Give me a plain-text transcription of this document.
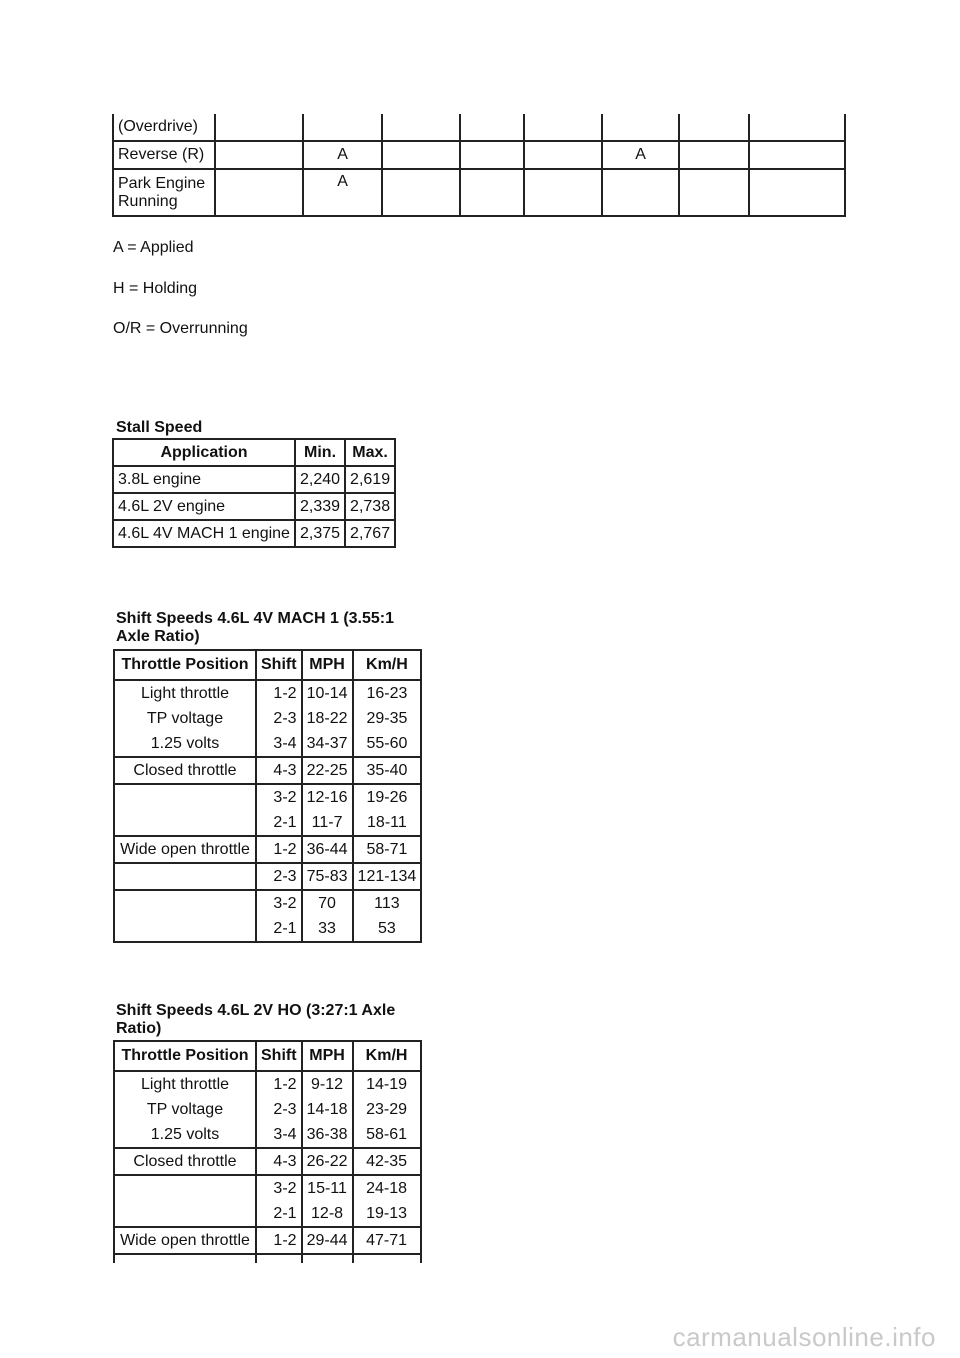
(Overdrive)								
Reverse (R)		A				A		
Park Engine Running		A						
A = Applied
H = Holding
O/R = Overrunning
Stall Speed
Application	Min.	Max.
3.8L engine	2,240	2,619
4.6L 2V engine	2,339	2,738
4.6L 4V MACH 1 engine	2,375	2,767
Shift Speeds 4.6L 4V MACH 1 (3.55:1 Axle Ratio)
Throttle Position	Shift	MPH	Km/H
Light throttle	1-2	10-14	16-23
TP voltage	2-3	18-22	29-35
1.25 volts	3-4	34-37	55-60
Closed throttle	4-3	22-25	35-40
	3-2	12-16	19-26
	2-1	11-7	18-11
Wide open throttle	1-2	36-44	58-71
	2-3	75-83	121-134
	3-2	70	113
	2-1	33	53
Shift Speeds 4.6L 2V HO (3:27:1 Axle Ratio)
Throttle Position	Shift	MPH	Km/H
Light throttle	1-2	9-12	14-19
TP voltage	2-3	14-18	23-29
1.25 volts	3-4	36-38	58-61
Closed throttle	4-3	26-22	42-35
	3-2	15-11	24-18
	2-1	12-8	19-13
Wide open throttle	1-2	29-44	47-71

carmanualsonline.info
